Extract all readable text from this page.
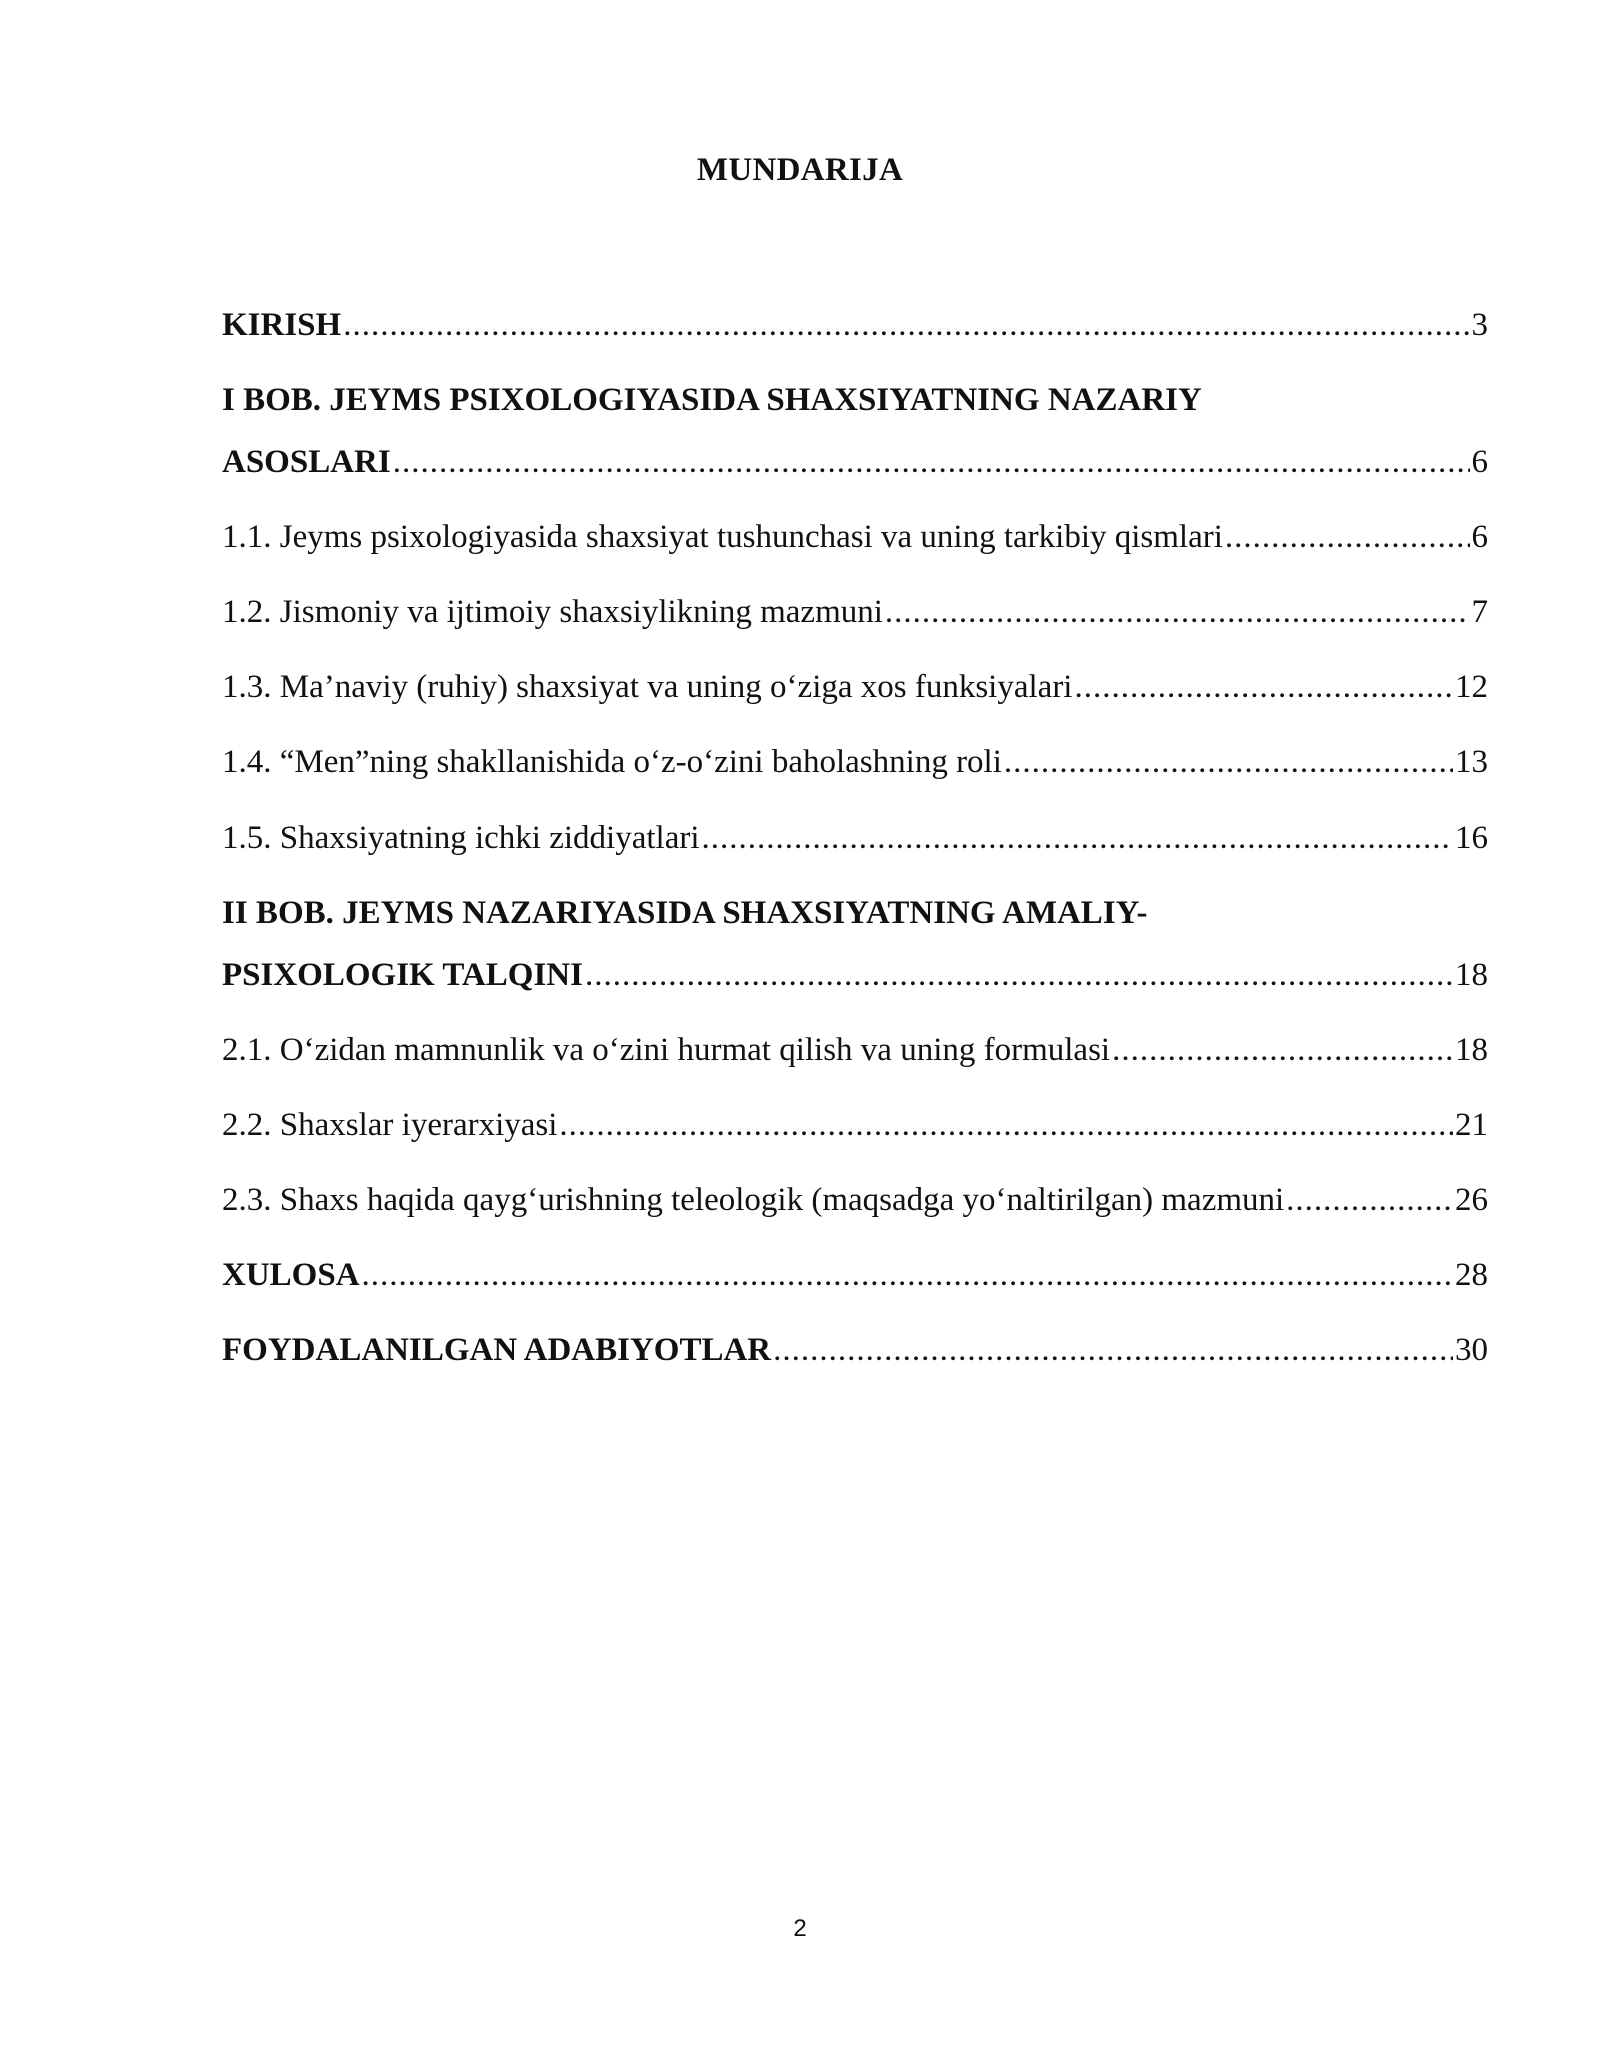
MUNDARIJA
KIRISH .....	3
I BOB. JEYMS PSIXOLOGIYASIDA SHAXSIYATNING NAZARIY
ASOSLARI .....	6
1.1. Jeyms psixologiyasida shaxsiyat tushunchasi va uning tarkibiy qismlari .....	6
1.2. Jismoniy va ijtimoiy shaxsiylikning mazmuni .....	7
1.3. Ma’naviy (ruhiy) shaxsiyat va uning o‘ziga xos funksiyalari .....	12
1.4. “Men”ning shakllanishida o‘z-o‘zini baholashning roli .....	13
1.5. Shaxsiyatning ichki ziddiyatlari .....	16
II BOB. JEYMS NAZARIYASIDA SHAXSIYATNING AMALIY-
PSIXOLOGIK TALQINI .....	18
2.1. O‘zidan mamnunlik va o‘zini hurmat qilish va uning formulasi .....	18
2.2. Shaxslar iyerarxiyasi .....	21
2.3. Shaxs haqida qayg‘urishning teleologik (maqsadga yo‘naltirilgan) mazmuni .....	26
XULOSA .....	28
FOYDALANILGAN ADABIYOTLAR .....	30
2
